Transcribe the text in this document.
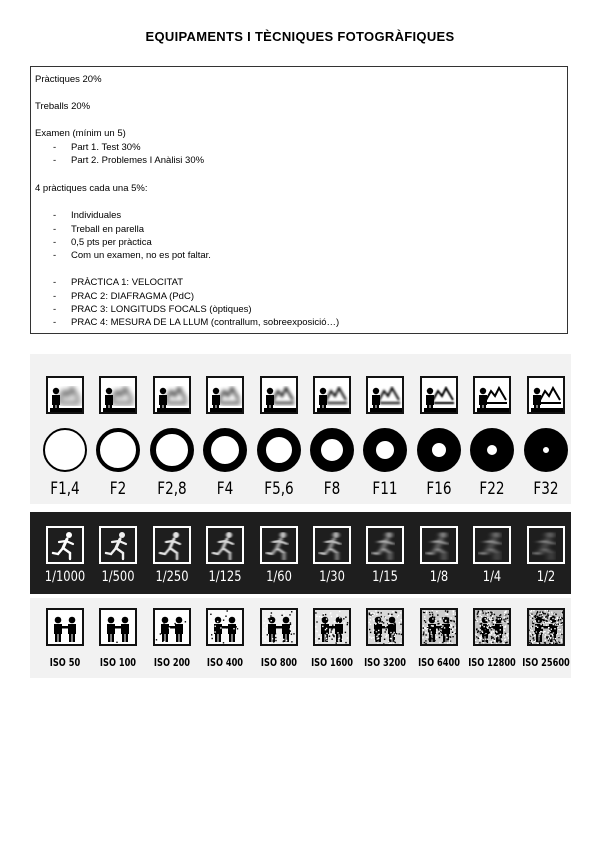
EQUIPAMENTS I TÈCNIQUES FOTOGRÀFIQUES
Pràctiques 20%
Treballs 20%
Examen (mínim un 5)
- Part 1. Test 30%
- Part 2. Problemes I Anàlisi 30%
4 pràctiques cada una 5%:
- Individuales
- Treball en parella
- 0,5 pts per pràctica
- Com un examen, no es pot faltar.
- PRÀCTICA 1: VELOCITAT
- PRAC 2: DIAFRAGMA (PdC)
- PRAC 3: LONGITUDS FOCALS (òptiques)
- PRAC 4: MESURA DE LA LLUM (contrallum, sobreexposició…)
F1,4	F2	F2,8	F4	F5,6	F8	F11	F16	F22	F32
1/1000	1/500	1/250	1/125	1/60	1/30	1/15	1/8	1/4	1/2
ISO 50	ISO 100	ISO 200	ISO 400	ISO 800	ISO 1600	ISO 3200	ISO 6400 ISO 12800 ISO 25600
